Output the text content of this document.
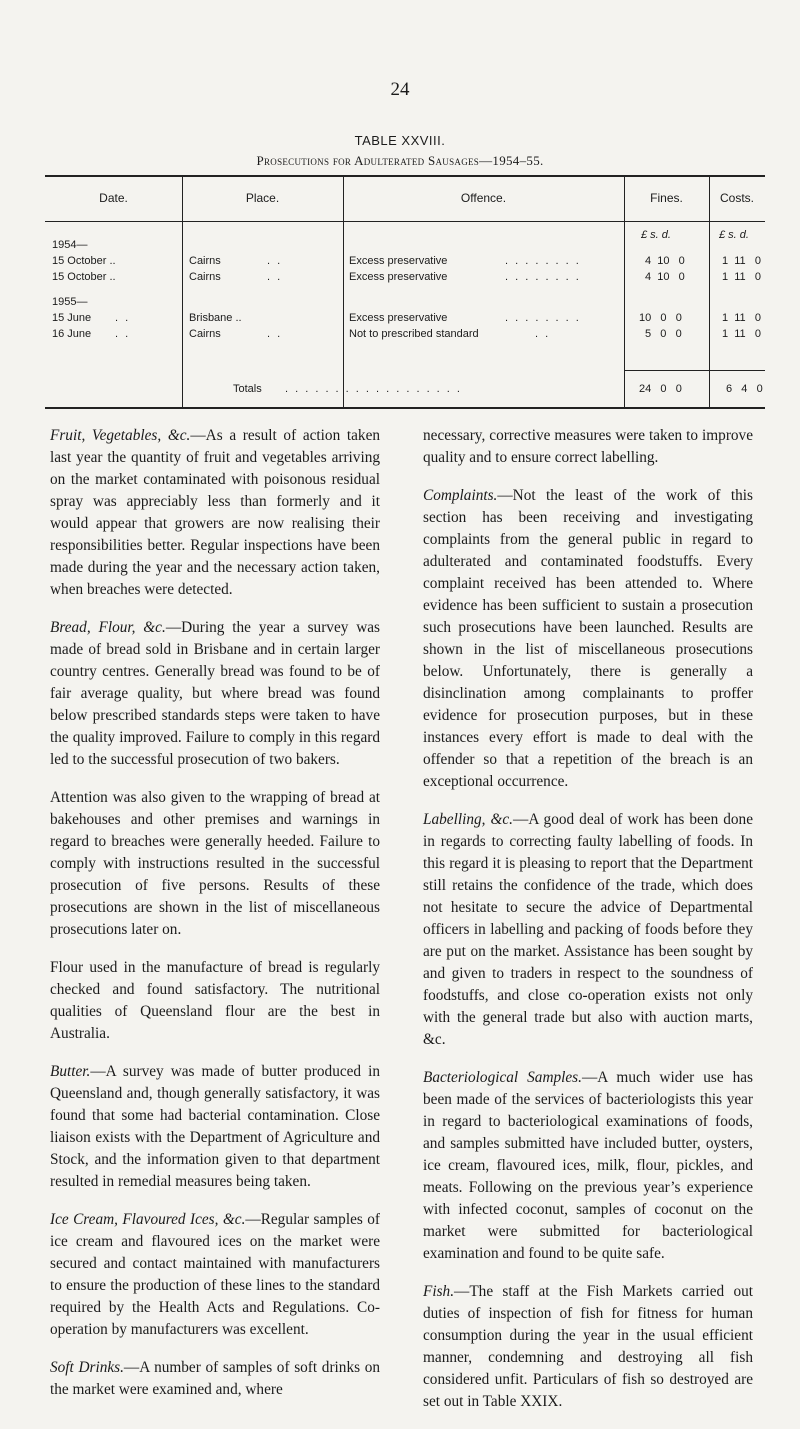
24
TABLE XXVIII.
Prosecutions for Adulterated Sausages—1954–55.
Date.	Place.	Offence.	Fines.	Costs.
£ s. d.	£ s. d.
1954—
15 October ..	Cairns	. .	Excess preservative	. . . . . . . .	4  10   0	1  11   0
15 October ..	Cairns	. .	Excess preservative	. . . . . . . .	4  10   0	1  11   0
1955—
15 June . .	Brisbane ..	Excess preservative	. . . . . . . .	10   0   0	1  11   0
16 June . .	Cairns	. .	Not to prescribed standard	. .	5   0   0	1  11   0
Totals . . . . . . . . . . . . . . . . . .	24   0   0	6   4   0

Fruit, Vegetables, &c.—As a result of action taken last year the quantity of fruit and vegetables arriving on the market contaminated with poisonous residual spray was appreciably less than formerly and it would appear that growers are now realising their responsibilities better. Regular inspections have been made during the year and the necessary action taken, when breaches were detected.

Bread, Flour, &c.—During the year a survey was made of bread sold in Brisbane and in certain larger country centres. Generally bread was found to be of fair average quality, but where bread was found below prescribed standards steps were taken to have the quality improved. Failure to comply in this regard led to the successful prosecution of two bakers.

Attention was also given to the wrapping of bread at bakehouses and other premises and warnings in regard to breaches were generally heeded. Failure to comply with instructions resulted in the successful prosecution of five persons. Results of these prosecutions are shown in the list of miscellaneous prosecutions later on.

Flour used in the manufacture of bread is regularly checked and found satisfactory. The nutritional qualities of Queensland flour are the best in Australia.

Butter.—A survey was made of butter produced in Queensland and, though generally satisfactory, it was found that some had bacterial contamination. Close liaison exists with the Department of Agriculture and Stock, and the information given to that department resulted in remedial measures being taken.

Ice Cream, Flavoured Ices, &c.—Regular samples of ice cream and flavoured ices on the market were secured and contact maintained with manufacturers to ensure the production of these lines to the standard required by the Health Acts and Regulations. Co-operation by manufacturers was excellent.

Soft Drinks.—A number of samples of soft drinks on the market were examined and, where

necessary, corrective measures were taken to improve quality and to ensure correct labelling.

Complaints.—Not the least of the work of this section has been receiving and investigating complaints from the general public in regard to adulterated and contaminated foodstuffs. Every complaint received has been attended to. Where evidence has been sufficient to sustain a prosecution such prosecutions have been launched. Results are shown in the list of miscellaneous prosecutions below. Unfortunately, there is generally a disinclination among complainants to proffer evidence for prosecution purposes, but in these instances every effort is made to deal with the offender so that a repetition of the breach is an exceptional occurrence.

Labelling, &c.—A good deal of work has been done in regards to correcting faulty labelling of foods. In this regard it is pleasing to report that the Department still retains the confidence of the trade, which does not hesitate to secure the advice of Departmental officers in labelling and packing of foods before they are put on the market. Assistance has been sought by and given to traders in respect to the soundness of foodstuffs, and close co-operation exists not only with the general trade but also with auction marts, &c.

Bacteriological Samples.—A much wider use has been made of the services of bacteriologists this year in regard to bacteriological examinations of foods, and samples submitted have included butter, oysters, ice cream, flavoured ices, milk, flour, pickles, and meats. Following on the previous year’s experience with infected coconut, samples of coconut on the market were submitted for bacteriological examination and found to be quite safe.

Fish.—The staff at the Fish Markets carried out duties of inspection of fish for fitness for human consumption during the year in the usual efficient manner, condemning and destroying all fish considered unfit. Particulars of fish so destroyed are set out in Table XXIX.
